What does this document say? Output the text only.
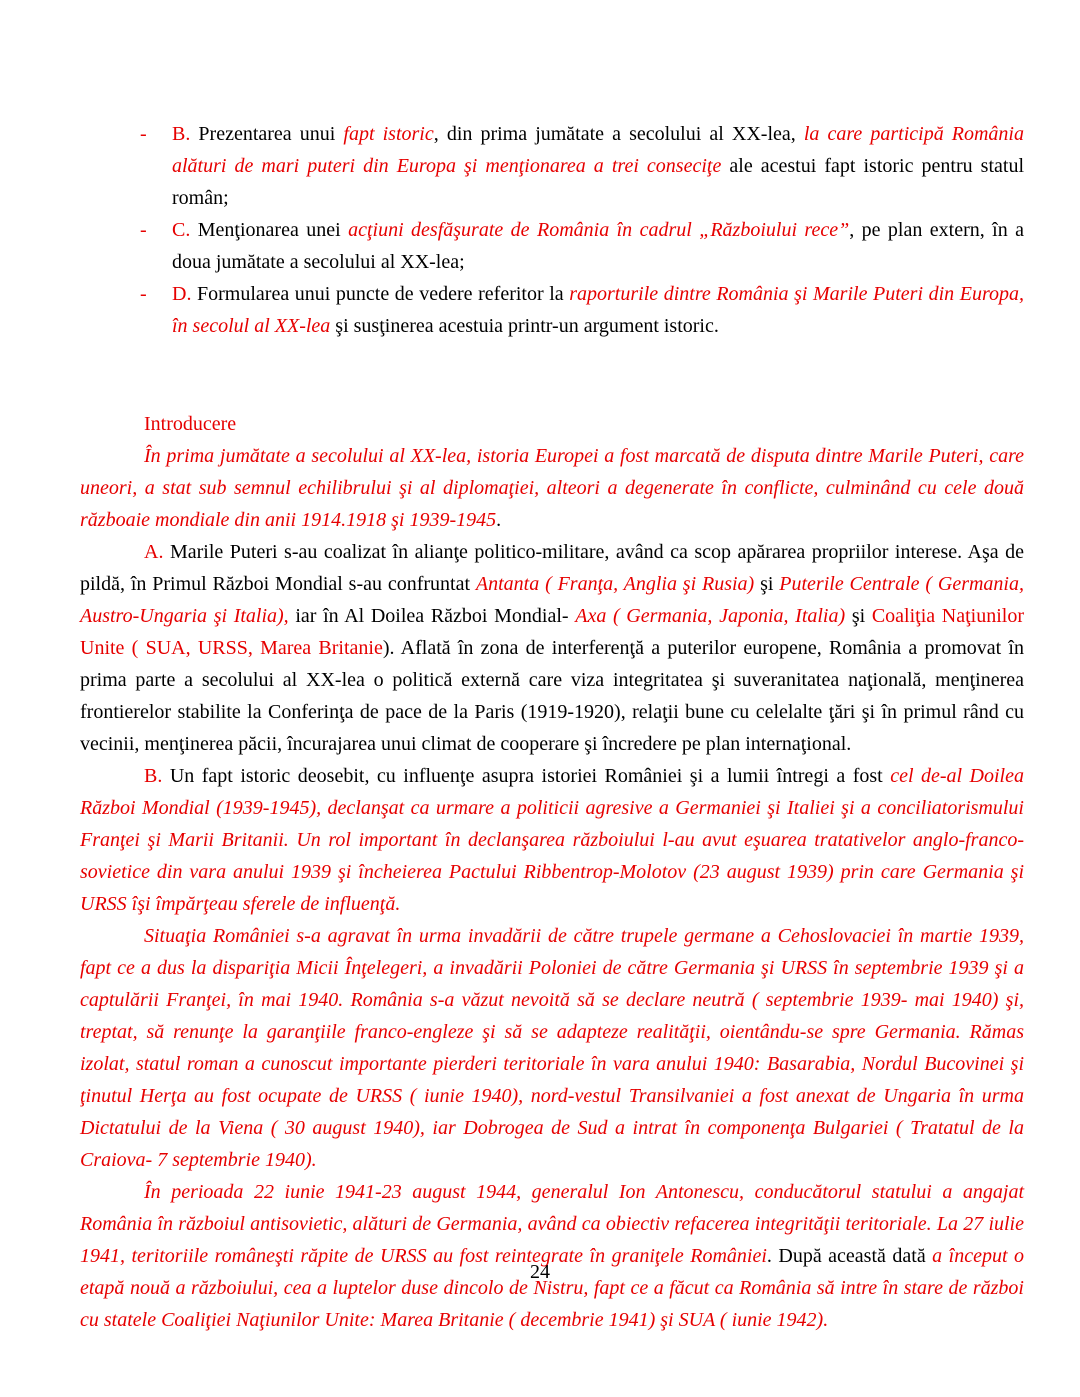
- B. Prezentarea unui fapt istoric, din prima jumătate a secolului al XX-lea, la care participă România alături de mari puteri din Europa şi menţionarea a trei conseciţe ale acestui fapt istoric pentru statul român;
- C. Menţionarea unei acţiuni desfăşurate de România în cadrul „Războiului rece”, pe plan extern, în a doua jumătate a secolului al XX-lea;
- D. Formularea unui puncte de vedere referitor la raporturile dintre România şi Marile Puteri din Europa, în secolul al XX-lea şi susţinerea acestuia printr-un argument istoric.
Introducere
În prima jumătate a secolului al XX-lea, istoria Europei a fost marcată de disputa dintre Marile Puteri, care uneori, a stat sub semnul echilibrului şi al diplomaţiei, alteori a degenerate în conflicte, culminând cu cele două războaie mondiale din anii 1914.1918 şi 1939-1945.
A. Marile Puteri s-au coalizat în alianţe politico-militare, având ca scop apărarea propriilor interese. Aşa de pildă, în Primul Război Mondial s-au confruntat Antanta ( Franţa, Anglia şi Rusia) şi Puterile Centrale ( Germania, Austro-Ungaria şi Italia), iar în Al Doilea Război Mondial- Axa ( Germania, Japonia, Italia) şi Coaliţia Naţiunilor Unite ( SUA, URSS, Marea Britanie). Aflată în zona de interferenţă a puterilor europene, România a promovat în prima parte a secolului al XX-lea o politică externă care viza integritatea şi suveranitatea naţională, menţinerea frontierelor stabilite la Conferinţa de pace de la Paris (1919-1920), relaţii bune cu celelalte ţări şi în primul rând cu vecinii, menţinerea păcii, încurajarea unui climat de cooperare şi încredere pe plan internaţional.
B. Un fapt istoric deosebit, cu influenţe asupra istoriei României şi a lumii întregi a fost cel de-al Doilea Război Mondial (1939-1945), declanşat ca urmare a politicii agresive a Germaniei şi Italiei şi a conciliatorismului Franţei şi Marii Britanii. Un rol important în declanşarea războiului l-au avut eşuarea tratativelor anglo-franco-sovietice din vara anului 1939 şi încheierea Pactului Ribbentrop-Molotov (23 august 1939) prin care Germania şi URSS îşi împărţeau sferele de influenţă.
Situaţia României s-a agravat în urma invadării de către trupele germane a Cehoslovaciei în martie 1939, fapt ce a dus la dispariţia Micii Înţelegeri, a invadării Poloniei de către Germania şi URSS în septembrie 1939 şi a captulării Franţei, în mai 1940. România s-a văzut nevoită să se declare neutră ( septembrie 1939- mai 1940) şi, treptat, să renunţe la garanţiile franco-engleze şi să se adapteze realităţii, oientându-se spre Germania. Rămas izolat, statul roman a cunoscut importante pierderi teritoriale în vara anului 1940: Basarabia, Nordul Bucovinei şi ţinutul Herţa au fost ocupate de URSS ( iunie 1940), nord-vestul Transilvaniei a fost anexat de Ungaria în urma Dictatului de la Viena ( 30 august 1940), iar Dobrogea de Sud a intrat în componenţa Bulgariei ( Tratatul de la Craiova- 7 septembrie 1940).
În perioada 22 iunie 1941-23 august 1944, generalul Ion Antonescu, conducătorul statului a angajat România în războiul antisovietic, alături de Germania, având ca obiectiv refacerea integrităţii teritoriale. La 27 iulie 1941, teritoriile româneşti răpite de URSS au fost reintegrate în graniţele României. După această dată a început o etapă nouă a războiului, cea a luptelor duse dincolo de Nistru, fapt ce a făcut ca România să intre în stare de război cu statele Coaliţiei Naţiunilor Unite: Marea Britanie ( decembrie 1941) şi SUA ( iunie 1942).
24
